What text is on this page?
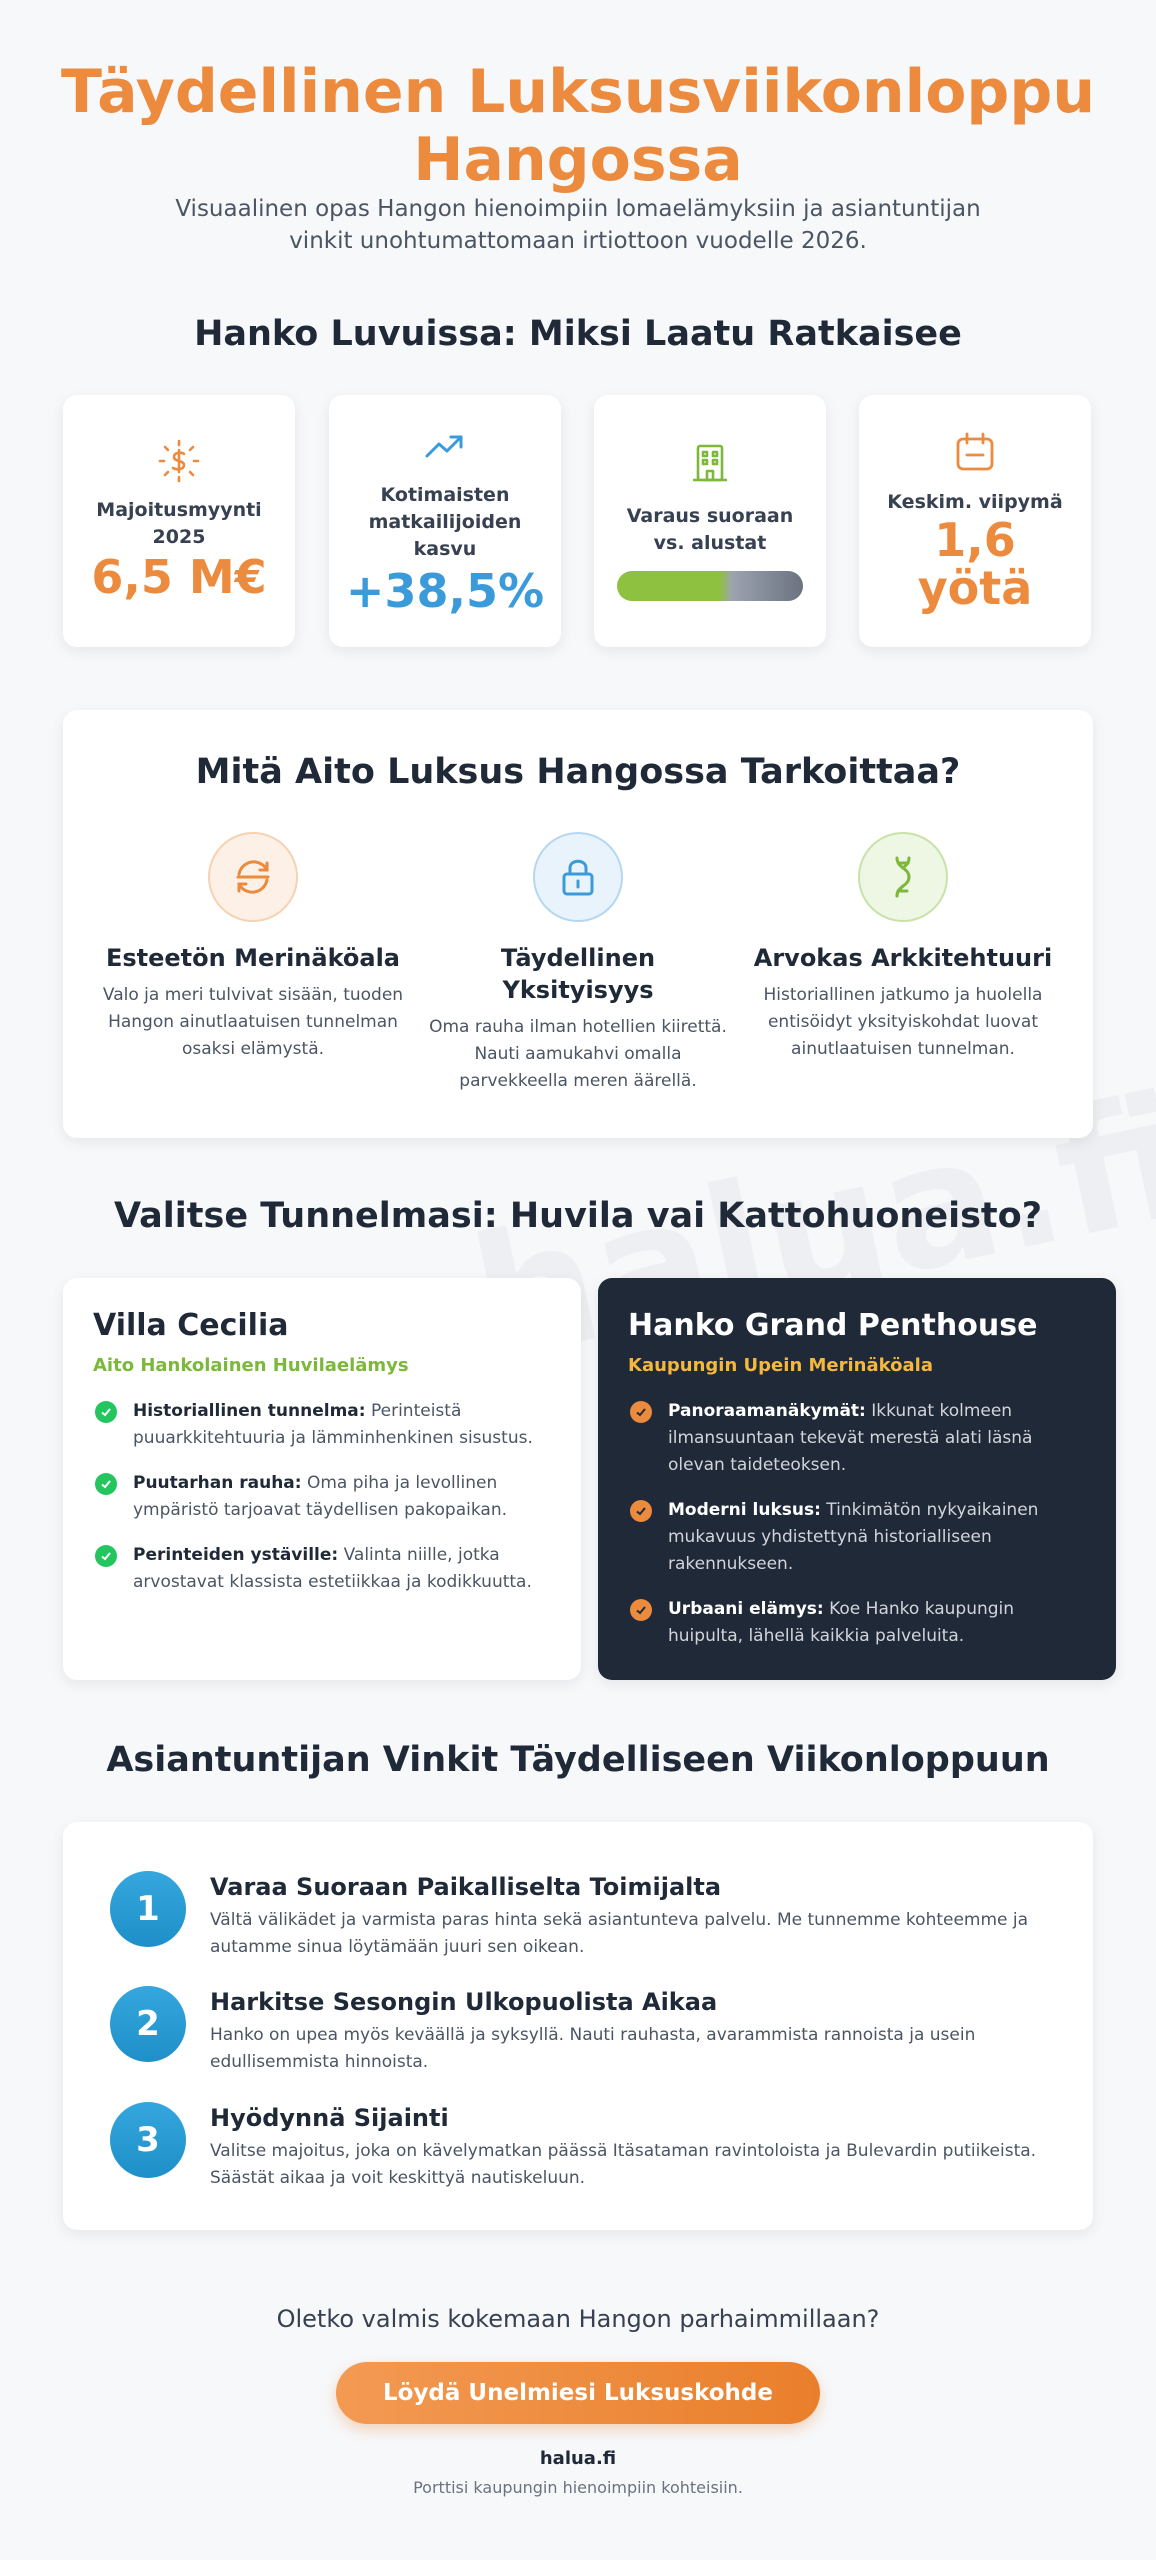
Täydellinen Luksusviikonloppu Hangossa

Visuaalinen opas Hangon hienoimpiin lomaelämyksiin ja asiantuntijan vinkit unohtumattomaan irtiottoon vuodelle 2026.

Hanko Luvuissa: Miksi Laatu Ratkaisee
Majoitusmyynti 2025
6,5 M€
Kotimaisten matkailijoiden kasvu
+38,5%
Varaus suoraan vs. alustat
Keskim. viipymä
1,6 yötä
Mitä Aito Luksus Hangossa Tarkoittaa?
Esteetön Merinäköala
Valo ja meri tulvivat sisään, tuoden Hangon ainutlaatuisen tunnelman osaksi elämystä.
Täydellinen Yksityisyys
Oma rauha ilman hotellien kiirettä. Nauti aamukahvi omalla parvekkeella meren äärellä.
Arvokas Arkkitehtuuri
Historiallinen jatkumo ja huolella entisöidyt yksityiskohdat luovat ainutlaatuisen tunnelman.
Valitse Tunnelmasi: Huvila vai Kattohuoneisto?
Villa Cecilia
Aito Hankolainen Huvilaelämys
Historiallinen tunnelma: Perinteistä puuarkkitehtuuria ja lämminhenkinen sisustus.
Puutarhan rauha: Oma piha ja levollinen ympäristö tarjoavat täydellisen pakopaikan.
Perinteiden ystäville: Valinta niille, jotka arvostavat klassista estetiikkaa ja kodikkuutta.
Hanko Grand Penthouse
Kaupungin Upein Merinäköala
Panoraamanäkymät: Ikkunat kolmeen ilmansuuntaan tekevät merestä alati läsnä olevan taideteoksen.
Moderni luksus: Tinkimätön nykyaikainen mukavuus yhdistettynä historialliseen rakennukseen.
Urbaani elämys: Koe Hanko kaupungin huipulta, lähellä kaikkia palveluita.
Asiantuntijan Vinkit Täydelliseen Viikonloppuun
1
Varaa Suoraan Paikalliselta Toimijalta
Vältä välikädet ja varmista paras hinta sekä asiantunteva palvelu. Me tunnemme kohteemme ja autamme sinua löytämään juuri sen oikean.
2
Harkitse Sesongin Ulkopuolista Aikaa
Hanko on upea myös keväällä ja syksyllä. Nauti rauhasta, avarammista rannoista ja usein edullisemmista hinnoista.
3
Hyödynnä Sijainti
Valitse majoitus, joka on kävelymatkan päässä Itäsataman ravintoloista ja Bulevardin putiikeista. Säästät aikaa ja voit keskittyä nautiskeluun.
Oletko valmis kokemaan Hangon parhaimmillaan?
Löydä Unelmiesi Luksuskohde
halua.fi
Porttisi kaupungin hienoimpiin kohteisiin.
